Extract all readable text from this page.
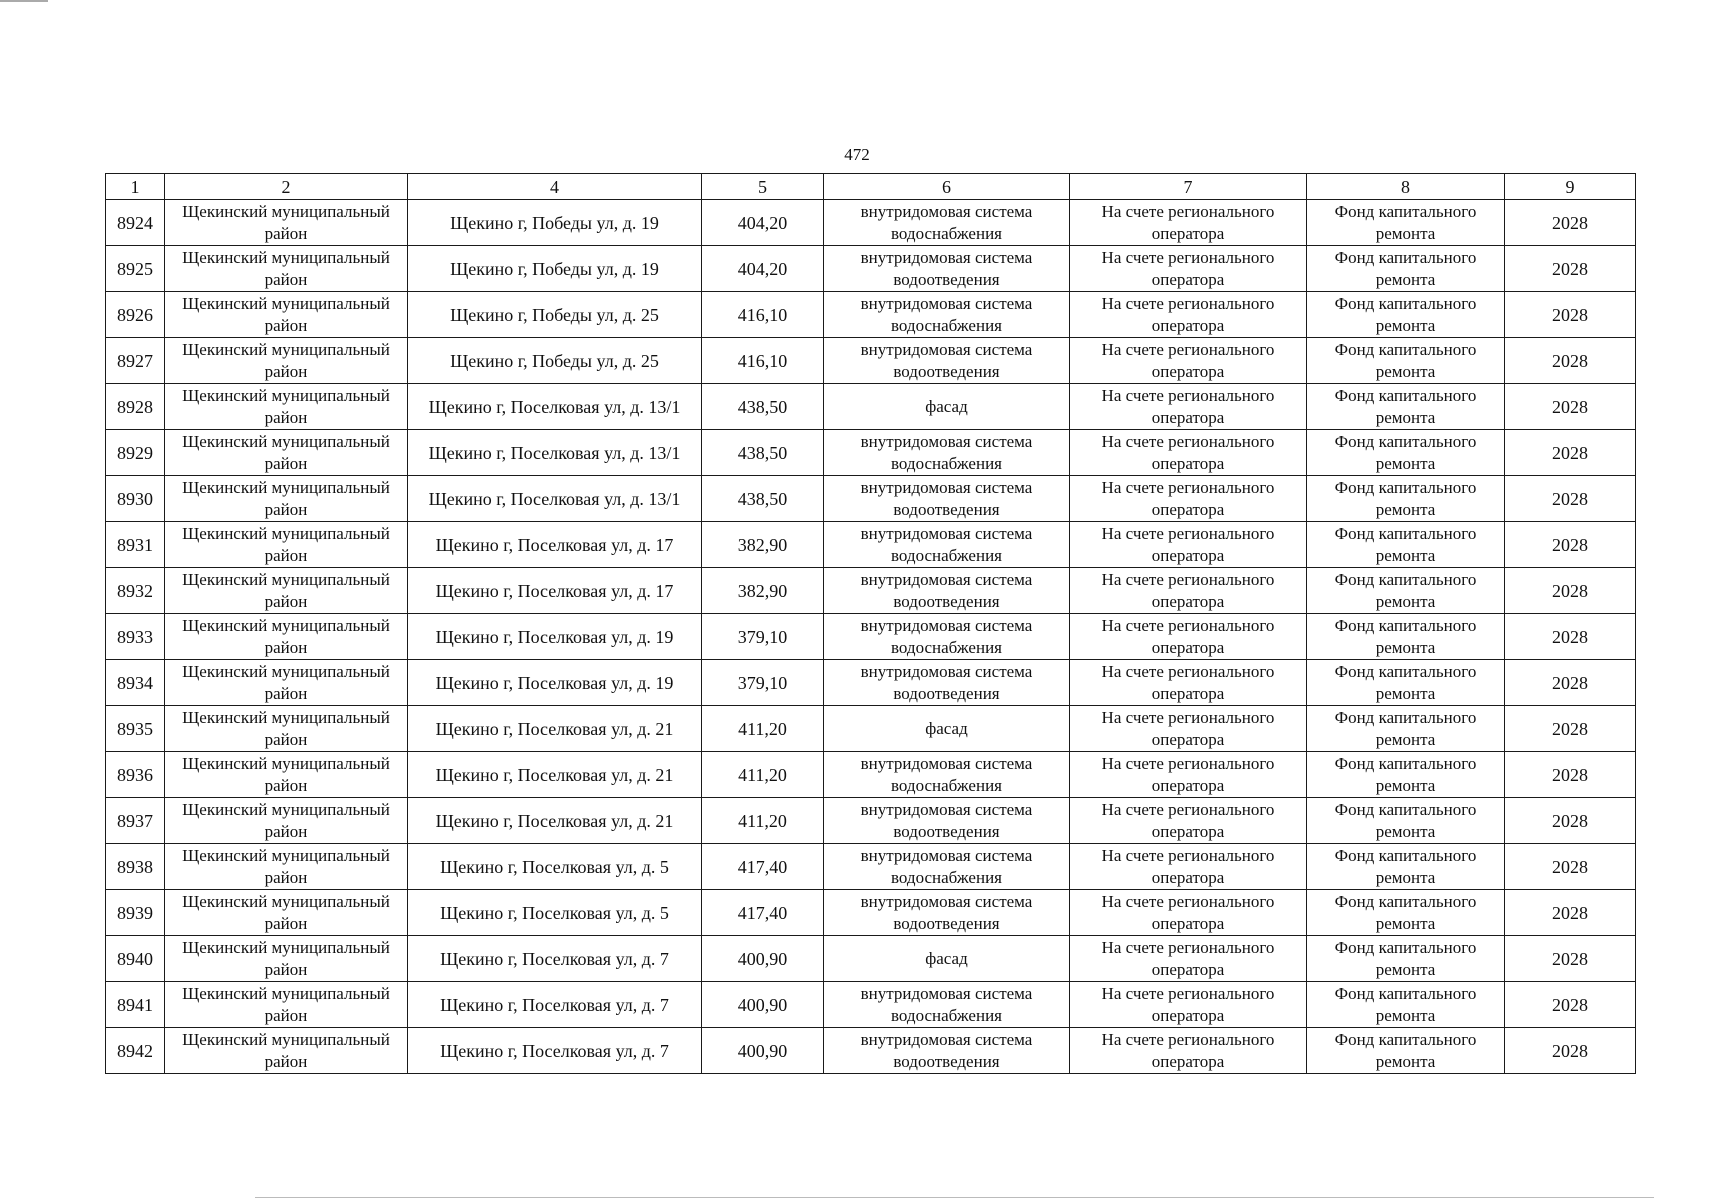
472
1	2	4	5	6	7	8	9
8924	Щекинский муниципальный район	Щекино г, Победы ул, д. 19	404,20	внутридомовая система водоснабжения	На счете регионального оператора	Фонд капитального ремонта	2028
8925	Щекинский муниципальный район	Щекино г, Победы ул, д. 19	404,20	внутридомовая система водоотведения	На счете регионального оператора	Фонд капитального ремонта	2028
8926	Щекинский муниципальный район	Щекино г, Победы ул, д. 25	416,10	внутридомовая система водоснабжения	На счете регионального оператора	Фонд капитального ремонта	2028
8927	Щекинский муниципальный район	Щекино г, Победы ул, д. 25	416,10	внутридомовая система водоотведения	На счете регионального оператора	Фонд капитального ремонта	2028
8928	Щекинский муниципальный район	Щекино г, Поселковая ул, д. 13/1	438,50	фасад	На счете регионального оператора	Фонд капитального ремонта	2028
8929	Щекинский муниципальный район	Щекино г, Поселковая ул, д. 13/1	438,50	внутридомовая система водоснабжения	На счете регионального оператора	Фонд капитального ремонта	2028
8930	Щекинский муниципальный район	Щекино г, Поселковая ул, д. 13/1	438,50	внутридомовая система водоотведения	На счете регионального оператора	Фонд капитального ремонта	2028
8931	Щекинский муниципальный район	Щекино г, Поселковая ул, д. 17	382,90	внутридомовая система водоснабжения	На счете регионального оператора	Фонд капитального ремонта	2028
8932	Щекинский муниципальный район	Щекино г, Поселковая ул, д. 17	382,90	внутридомовая система водоотведения	На счете регионального оператора	Фонд капитального ремонта	2028
8933	Щекинский муниципальный район	Щекино г, Поселковая ул, д. 19	379,10	внутридомовая система водоснабжения	На счете регионального оператора	Фонд капитального ремонта	2028
8934	Щекинский муниципальный район	Щекино г, Поселковая ул, д. 19	379,10	внутридомовая система водоотведения	На счете регионального оператора	Фонд капитального ремонта	2028
8935	Щекинский муниципальный район	Щекино г, Поселковая ул, д. 21	411,20	фасад	На счете регионального оператора	Фонд капитального ремонта	2028
8936	Щекинский муниципальный район	Щекино г, Поселковая ул, д. 21	411,20	внутридомовая система водоснабжения	На счете регионального оператора	Фонд капитального ремонта	2028
8937	Щекинский муниципальный район	Щекино г, Поселковая ул, д. 21	411,20	внутридомовая система водоотведения	На счете регионального оператора	Фонд капитального ремонта	2028
8938	Щекинский муниципальный район	Щекино г, Поселковая ул, д. 5	417,40	внутридомовая система водоснабжения	На счете регионального оператора	Фонд капитального ремонта	2028
8939	Щекинский муниципальный район	Щекино г, Поселковая ул, д. 5	417,40	внутридомовая система водоотведения	На счете регионального оператора	Фонд капитального ремонта	2028
8940	Щекинский муниципальный район	Щекино г, Поселковая ул, д. 7	400,90	фасад	На счете регионального оператора	Фонд капитального ремонта	2028
8941	Щекинский муниципальный район	Щекино г, Поселковая ул, д. 7	400,90	внутридомовая система водоснабжения	На счете регионального оператора	Фонд капитального ремонта	2028
8942	Щекинский муниципальный район	Щекино г, Поселковая ул, д. 7	400,90	внутридомовая система водоотведения	На счете регионального оператора	Фонд капитального ремонта	2028
